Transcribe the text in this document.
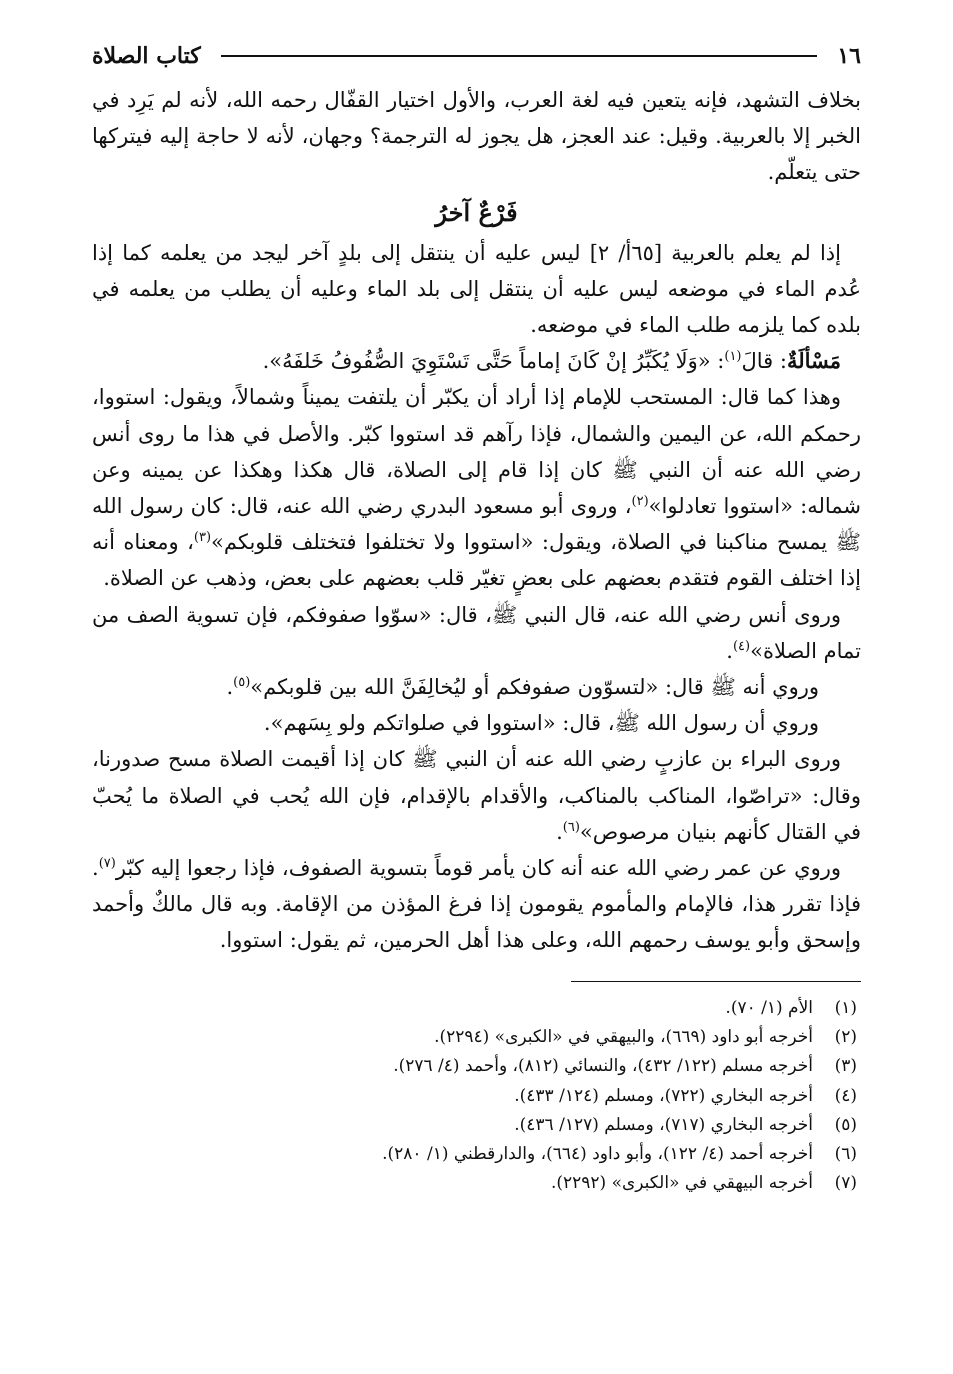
١٦
كتاب الصلاة

بخلاف التشهد، فإنه يتعين فيه لغة العرب، والأول اختيار القفّال رحمه الله، لأنه لم يَرِد في الخبر إلا بالعربية. وقيل: عند العجز، هل يجوز له الترجمة؟ وجهان، لأنه لا حاجة إليه فيتركها حتى يتعلّم.

فَرْعٌ آخرُ

إذا لم يعلم بالعربية [٦٥أ/ ٢] ليس عليه أن ينتقل إلى بلدٍ آخر ليجد من يعلمه كما إذا عُدم الماء في موضعه ليس عليه أن ينتقل إلى بلد الماء وعليه أن يطلب من يعلمه في بلده كما يلزمه طلب الماء في موضعه.

مَسْألَةٌ: قالَ$^{(١)}$: «وَلَا يُكَبِّرُ إنْ كَانَ إماماً حَتَّى تَسْتَوِيَ الصُّفُوفُ خَلفَهُ».

وهذا كما قال: المستحب للإمام إذا أراد أن يكبّر أن يلتفت يميناً وشمالاً، ويقول: استووا، رحمكم الله، عن اليمين والشمال، فإذا رآهم قد استووا كبّر. والأصل في هذا ما روى أنس رضي الله عنه أن النبي ﷺ كان إذا قام إلى الصلاة، قال هكذا وهكذا عن يمينه وعن شماله: «استووا تعادلوا»$^{(٢)}$، وروى أبو مسعود البدري رضي الله عنه، قال: كان رسول الله ﷺ يمسح مناكبنا في الصلاة، ويقول: «استووا ولا تختلفوا فتختلف قلوبكم»$^{(٣)}$، ومعناه أنه إذا اختلف القوم فتقدم بعضهم على بعضٍ تغيّر قلب بعضهم على بعض، وذهب عن الصلاة.

وروى أنس رضي الله عنه، قال النبي ﷺ، قال: «سوّوا صفوفكم، فإن تسوية الصف من تمام الصلاة»$^{(٤)}$.

وروي أنه ﷺ قال: «لتسوّون صفوفكم أو ليُخالِفَنَّ الله بين قلوبكم»$^{(٥)}$.

وروي أن رسول الله ﷺ، قال: «استووا في صلواتكم ولو بِسَهم».

وروى البراء بن عازبٍ رضي الله عنه أن النبي ﷺ كان إذا أقيمت الصلاة مسح صدورنا، وقال: «تراصّوا، المناكب بالمناكب، والأقدام بالإقدام، فإن الله يُحب في الصلاة ما يُحبّ في القتال كأنهم بنيان مرصوص»$^{(٦)}$.

وروي عن عمر رضي الله عنه أنه كان يأمر قوماً بتسوية الصفوف، فإذا رجعوا إليه كبّر$^{(٧)}$. فإذا تقرر هذا، فالإمام والمأموم يقومون إذا فرغ المؤذن من الإقامة. وبه قال مالكٌ وأحمد وإسحق وأبو يوسف رحمهم الله، وعلى هذا أهل الحرمين، ثم يقول: استووا.

(١)
الأم (١/ ٧٠).
(٢)
أخرجه أبو داود (٦٦٩)، والبيهقي في «الكبرى» (٢٢٩٤).
(٣)
أخرجه مسلم (١٢٢/ ٤٣٢)، والنسائي (٨١٢)، وأحمد (٤/ ٢٧٦).
(٤)
أخرجه البخاري (٧٢٢)، ومسلم (١٢٤/ ٤٣٣).
(٥)
أخرجه البخاري (٧١٧)، ومسلم (١٢٧/ ٤٣٦).
(٦)
أخرجه أحمد (٤/ ١٢٢)، وأبو داود (٦٦٤)، والدارقطني (١/ ٢٨٠).
(٧)
أخرجه البيهقي في «الكبرى» (٢٢٩٢).
